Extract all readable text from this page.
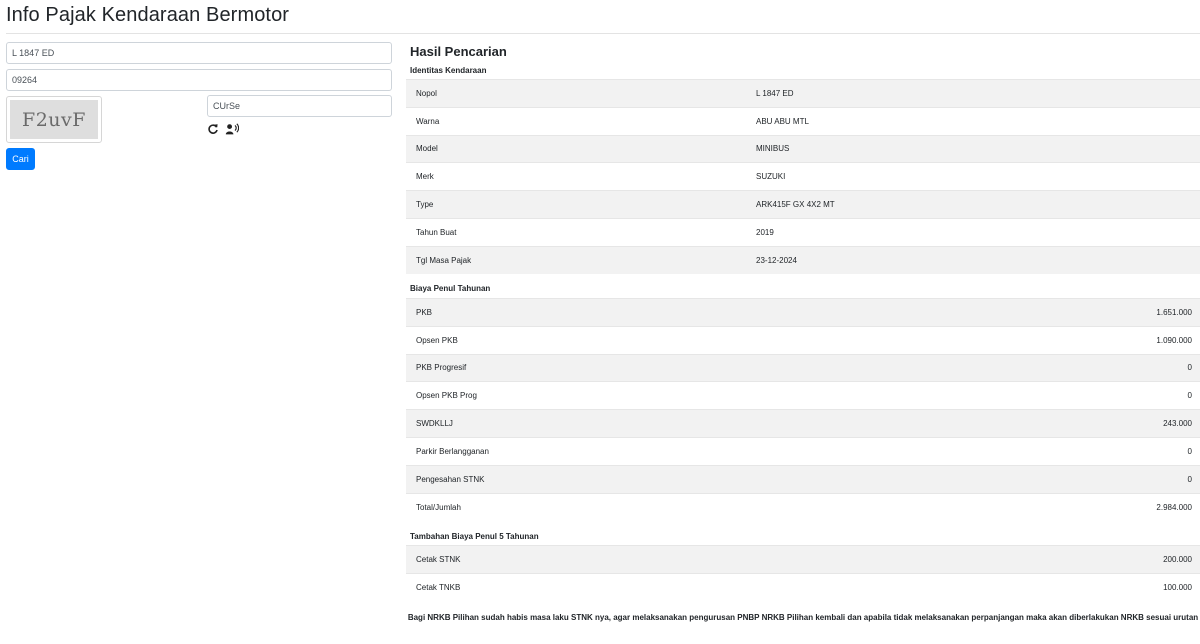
Info Pajak Kendaraan Bermotor
L 1847 ED
09264
F2uvF
CUrSe
Cari
Hasil Pencarian
Identitas Kendaraan
Nopol	L 1847 ED
Warna	ABU ABU MTL
Model	MINIBUS
Merk	SUZUKI
Type	ARK415F GX 4X2 MT
Tahun Buat	2019
Tgl Masa Pajak	23-12-2024
Biaya Penul Tahunan
PKB	1.651.000
Opsen PKB	1.090.000
PKB Progresif	0
Opsen PKB Prog	0
SWDKLLJ	243.000
Parkir Berlangganan	0
Pengesahan STNK	0
Total/Jumlah	2.984.000
Tambahan Biaya Penul 5 Tahunan
Cetak STNK	200.000
Cetak TNKB	100.000
Bagi NRKB Pilihan sudah habis masa laku STNK nya, agar melaksanakan pengurusan PNBP NRKB Pilihan kembali dan apabila tidak melaksanakan perpanjangan maka akan diberlakukan NRKB sesuai urutan
